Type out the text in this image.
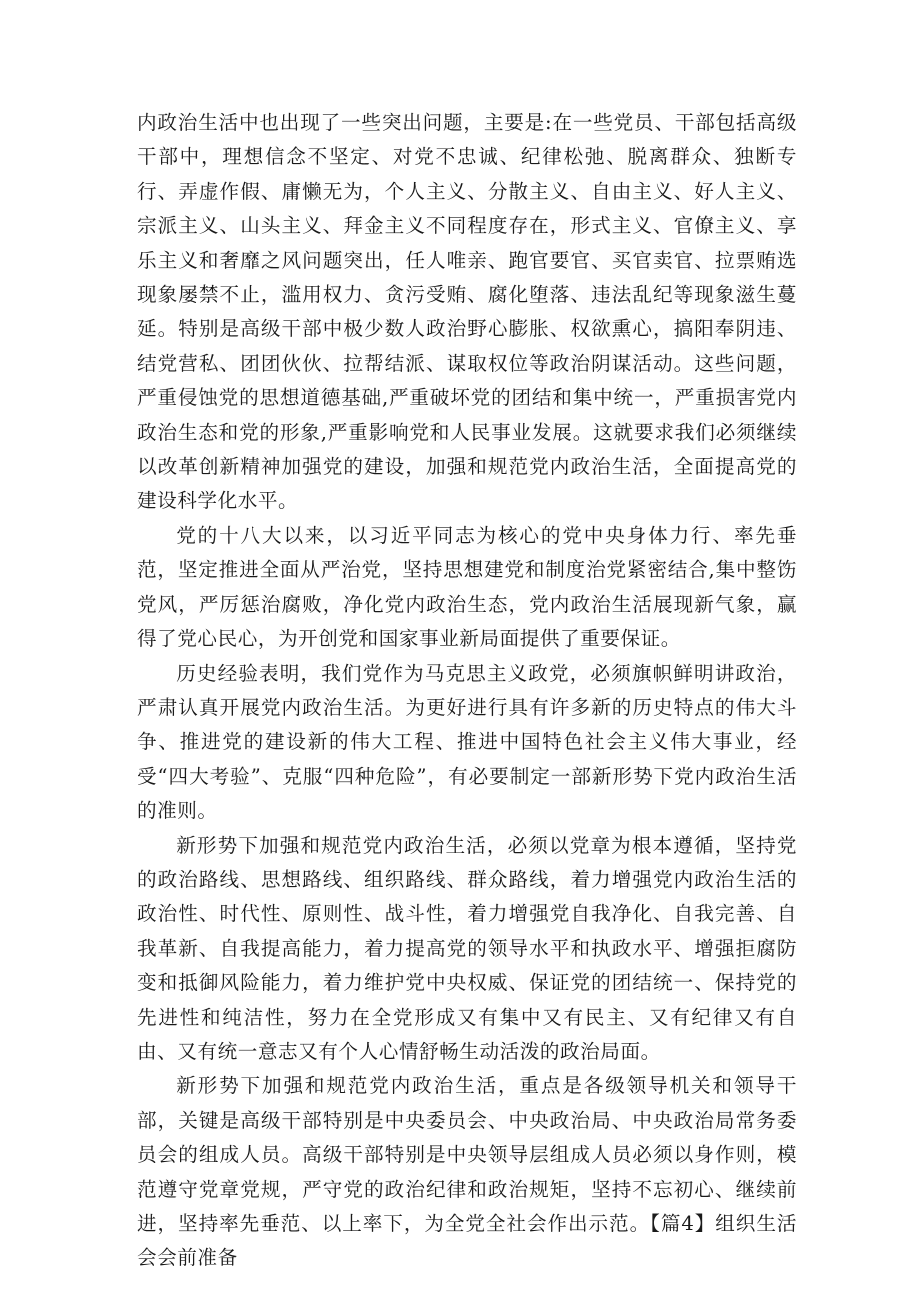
内政治生活中也出现了一些突出问题，主要是:在一些党员、干部包括高级干部中，理想信念不坚定、对党不忠诚、纪律松弛、脱离群众、独断专行、弄虚作假、庸懒无为，个人主义、分散主义、自由主义、好人主义、宗派主义、山头主义、拜金主义不同程度存在，形式主义、官僚主义、享乐主义和奢靡之风问题突出，任人唯亲、跑官要官、买官卖官、拉票贿选现象屡禁不止，滥用权力、贪污受贿、腐化堕落、违法乱纪等现象滋生蔓延。特别是高级干部中极少数人政治野心膨胀、权欲熏心，搞阳奉阴违、结党营私、团团伙伙、拉帮结派、谋取权位等政治阴谋活动。这些问题，严重侵蚀党的思想道德基础,严重破坏党的团结和集中统一，严重损害党内政治生态和党的形象,严重影响党和人民事业发展。这就要求我们必须继续以改革创新精神加强党的建设，加强和规范党内政治生活，全面提高党的建设科学化水平。

党的十八大以来，以习近平同志为核心的党中央身体力行、率先垂范，坚定推进全面从严治党，坚持思想建党和制度治党紧密结合,集中整饬党风，严厉惩治腐败，净化党内政治生态，党内政治生活展现新气象，赢得了党心民心，为开创党和国家事业新局面提供了重要保证。

历史经验表明，我们党作为马克思主义政党，必须旗帜鲜明讲政治，严肃认真开展党内政治生活。为更好进行具有许多新的历史特点的伟大斗争、推进党的建设新的伟大工程、推进中国特色社会主义伟大事业，经受“四大考验”、克服“四种危险”，有必要制定一部新形势下党内政治生活的准则。

新形势下加强和规范党内政治生活，必须以党章为根本遵循，坚持党的政治路线、思想路线、组织路线、群众路线，着力增强党内政治生活的政治性、时代性、原则性、战斗性，着力增强党自我净化、自我完善、自我革新、自我提高能力，着力提高党的领导水平和执政水平、增强拒腐防变和抵御风险能力，着力维护党中央权威、保证党的团结统一、保持党的先进性和纯洁性，努力在全党形成又有集中又有民主、又有纪律又有自由、又有统一意志又有个人心情舒畅生动活泼的政治局面。

新形势下加强和规范党内政治生活，重点是各级领导机关和领导干部，关键是高级干部特别是中央委员会、中央政治局、中央政治局常务委员会的组成人员。高级干部特别是中央领导层组成人员必须以身作则，模范遵守党章党规，严守党的政治纪律和政治规矩，坚持不忘初心、继续前进，坚持率先垂范、以上率下，为全党全社会作出示范。【篇4】组织生活会会前准备
